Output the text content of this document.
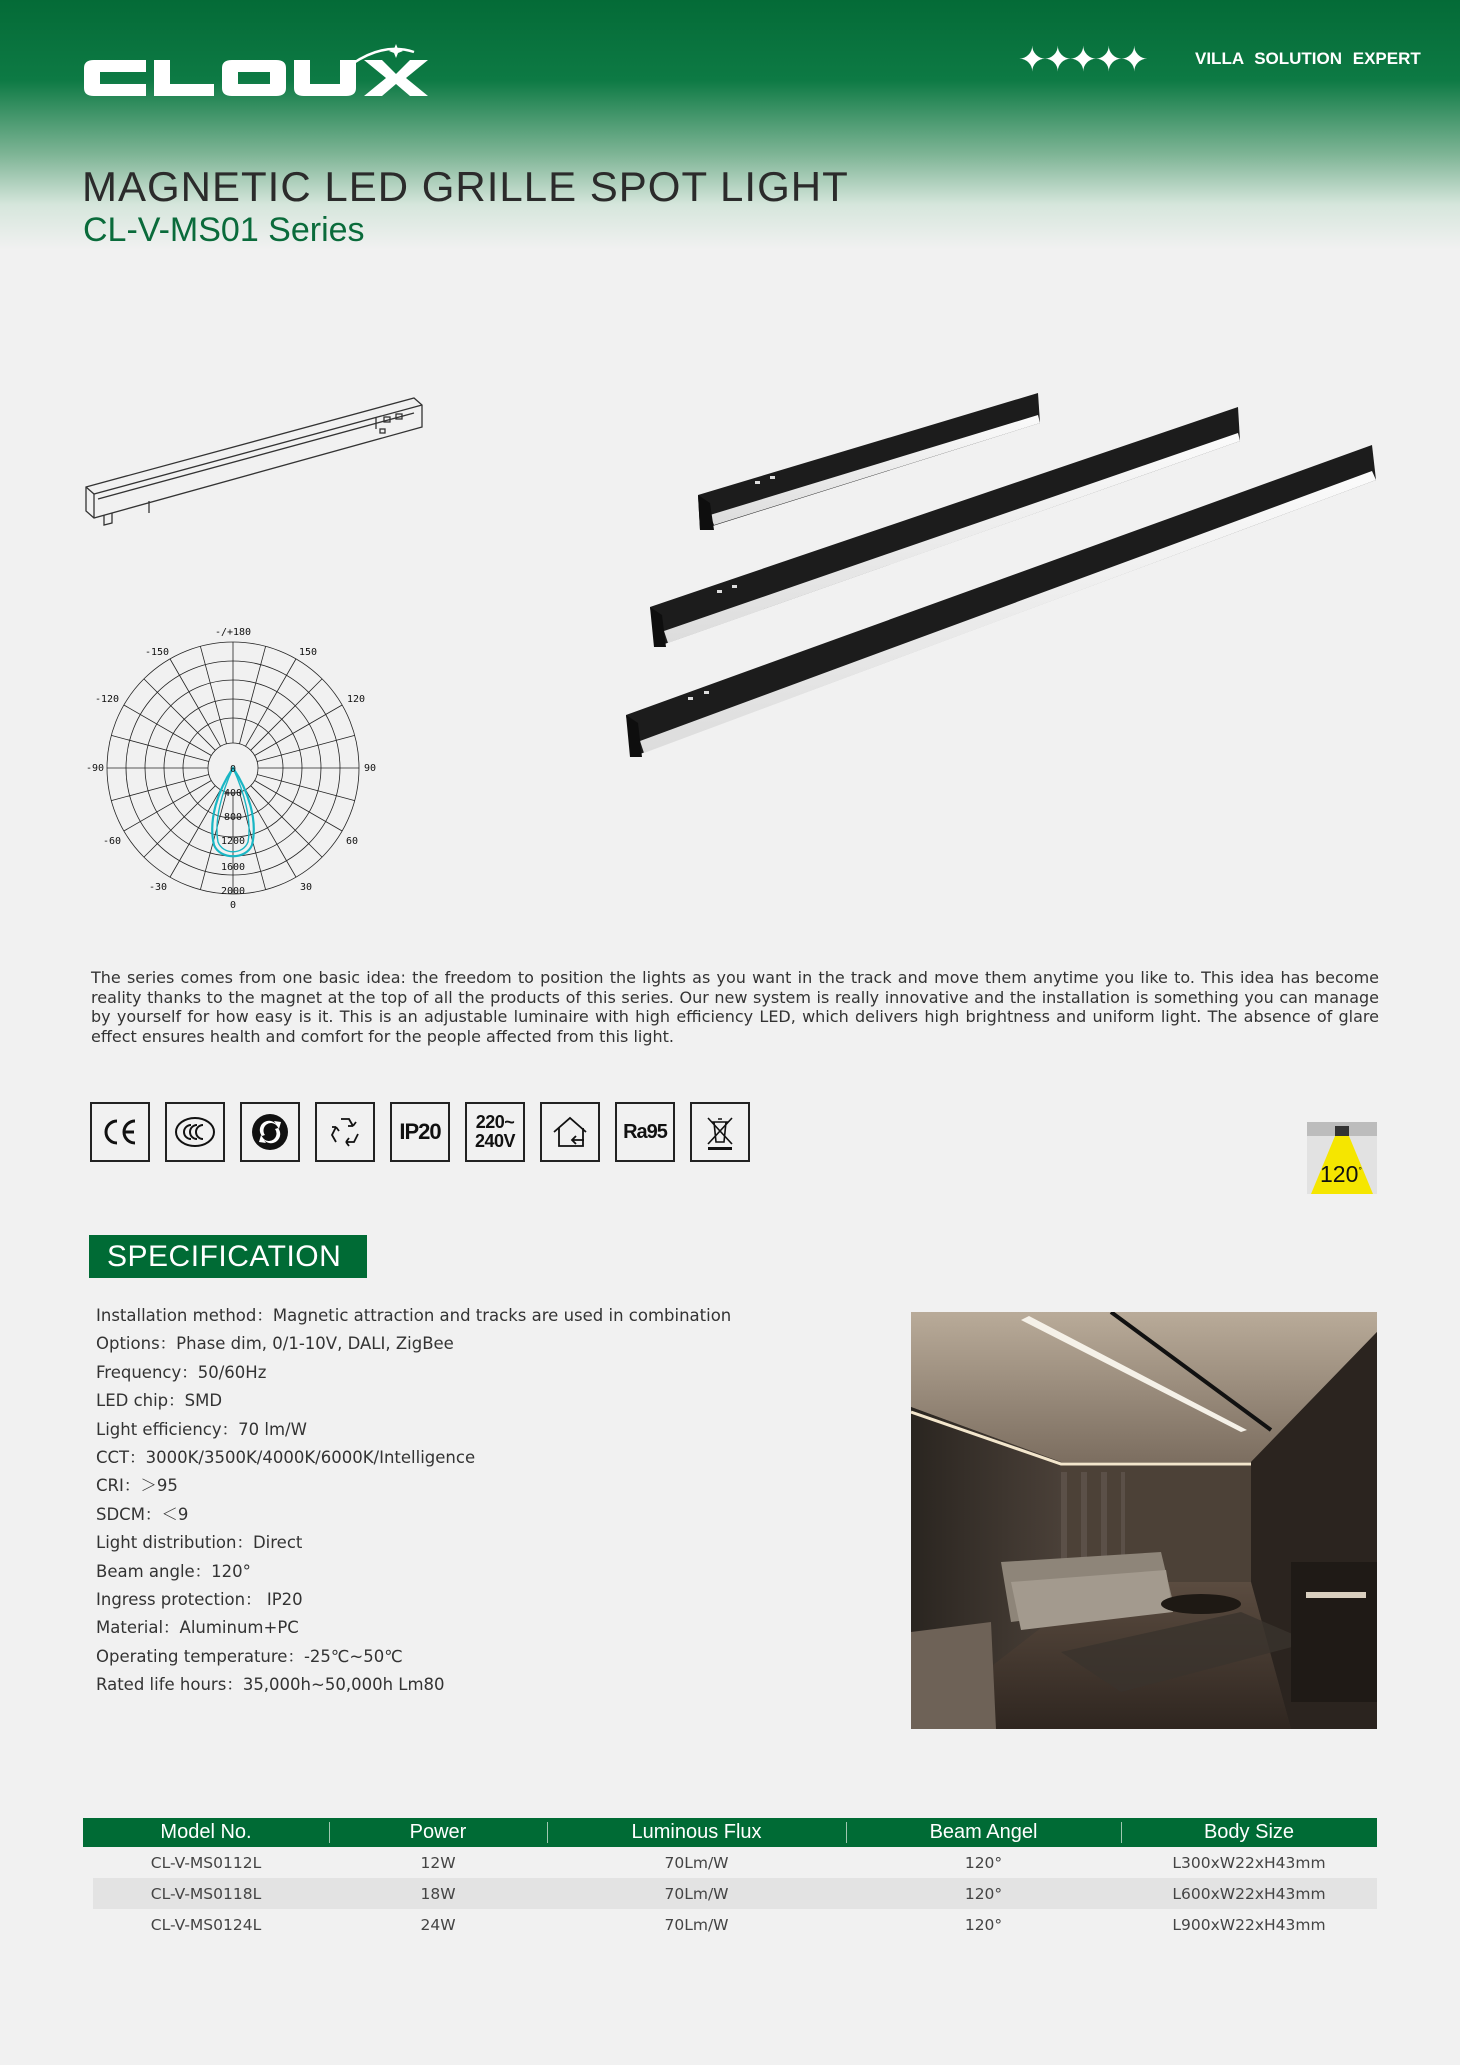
✦✦✦✦✦	VILLA SOLUTION EXPERT
MAGNETIC LED GRILLE SPOT LIGHT
CL-V-MS01 Series
-/+180
-150	150
-120	120
-90	90
-60	60
-30	30
0
0
400
800
1200
1600
2000

The series comes from one basic idea: the freedom to position the lights as you want in the track and move them anytime you like to. This idea has become reality thanks to the magnet at the top of all the products of this series. Our new system is really innovative and the installation is something you can manage by yourself for how easy is it. This is an adjustable luminaire with high efficiency LED, which delivers high brightness and uniform light. The absence of glare effect ensures health and comfort for the people affected from this light.

IP20	220~
240V	Ra95
120°
SPECIFICATION
Installation method：Magnetic attraction and tracks are used in combination
Options：Phase dim, 0/1-10V, DALI, ZigBee
Frequency：50/60Hz
LED chip：SMD
Light efficiency：70 lm/W
CCT：3000K/3500K/4000K/6000K/Intelligence
CRI：＞95
SDCM：＜9
Light distribution：Direct
Beam angle：120°
Ingress protection： IP20
Material：Aluminum+PC
Operating temperature：-25℃~50℃
Rated life hours：35,000h~50,000h Lm80
Model No.	Power	Luminous Flux	Beam Angel	Body Size
CL-V-MS0112L	12W	70Lm/W	120°	L300xW22xH43mm
CL-V-MS0118L	18W	70Lm/W	120°	L600xW22xH43mm
CL-V-MS0124L	24W	70Lm/W	120°	L900xW22xH43mm
